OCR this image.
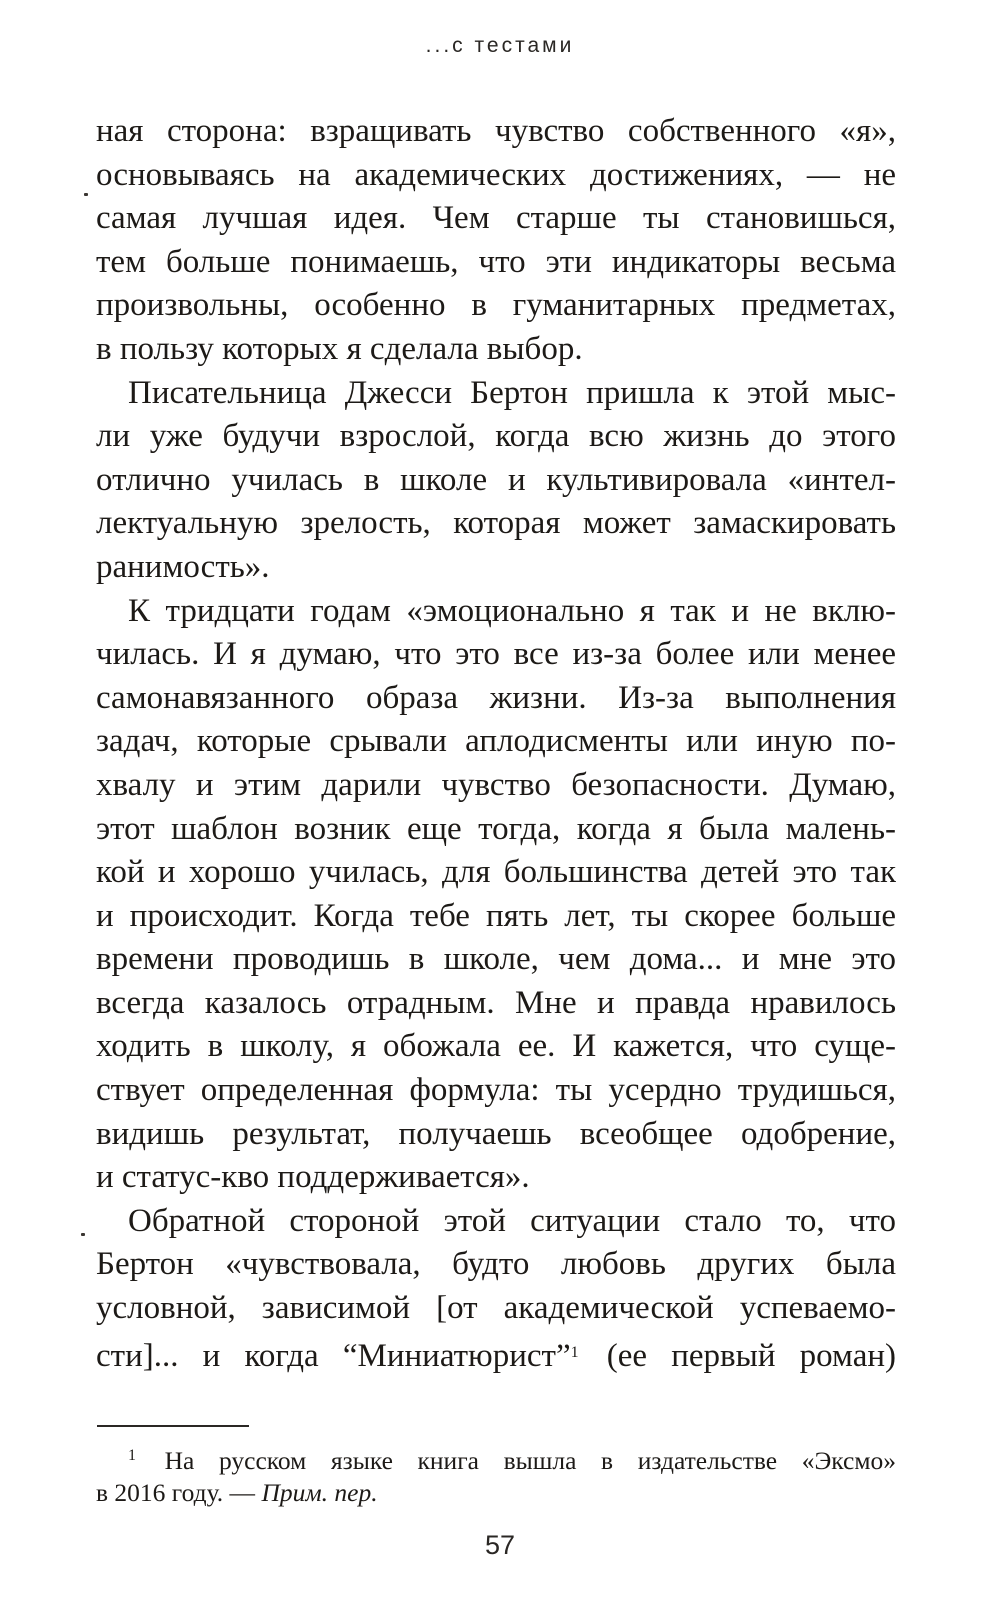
...с тестами
ная сторона: взращивать чувство собственного «я»,
основываясь на академических достижениях, — не
самая лучшая идея. Чем старше ты становишься,
тем больше понимаешь, что эти индикаторы весьма
произвольны, особенно в гуманитарных предметах,
в пользу которых я сделала выбор.
Писательница Джесси Бертон пришла к этой мыс-
ли уже будучи взрослой, когда всю жизнь до этого
отлично училась в школе и культивировала «интел-
лектуальную зрелость, которая может замаскировать
ранимость».
К тридцати годам «эмоционально я так и не вклю-
чилась. И я думаю, что это все из-за более или менее
самонавязанного образа жизни. Из-за выполнения
задач, которые срывали аплодисменты или иную по-
хвалу и этим дарили чувство безопасности. Думаю,
этот шаблон возник еще тогда, когда я была малень-
кой и хорошо училась, для большинства детей это так
и происходит. Когда тебе пять лет, ты скорее больше
времени проводишь в школе, чем дома... и мне это
всегда казалось отрадным. Мне и правда нравилось
ходить в школу, я обожала ее. И кажется, что суще-
ствует определенная формула: ты усердно трудишься,
видишь результат, получаешь всеобщее одобрение,
и статус-кво поддерживается».
Обратной стороной этой ситуации стало то, что
Бертон «чувствовала, будто любовь других была
условной, зависимой [от академической успеваемо-
сти]... и когда “Миниатюрист”$^1$ (ее первый роман)
$^1$ На русском языке книга вышла в издательстве «Эксмо»
в 2016 году. — Прим. пер.
57
